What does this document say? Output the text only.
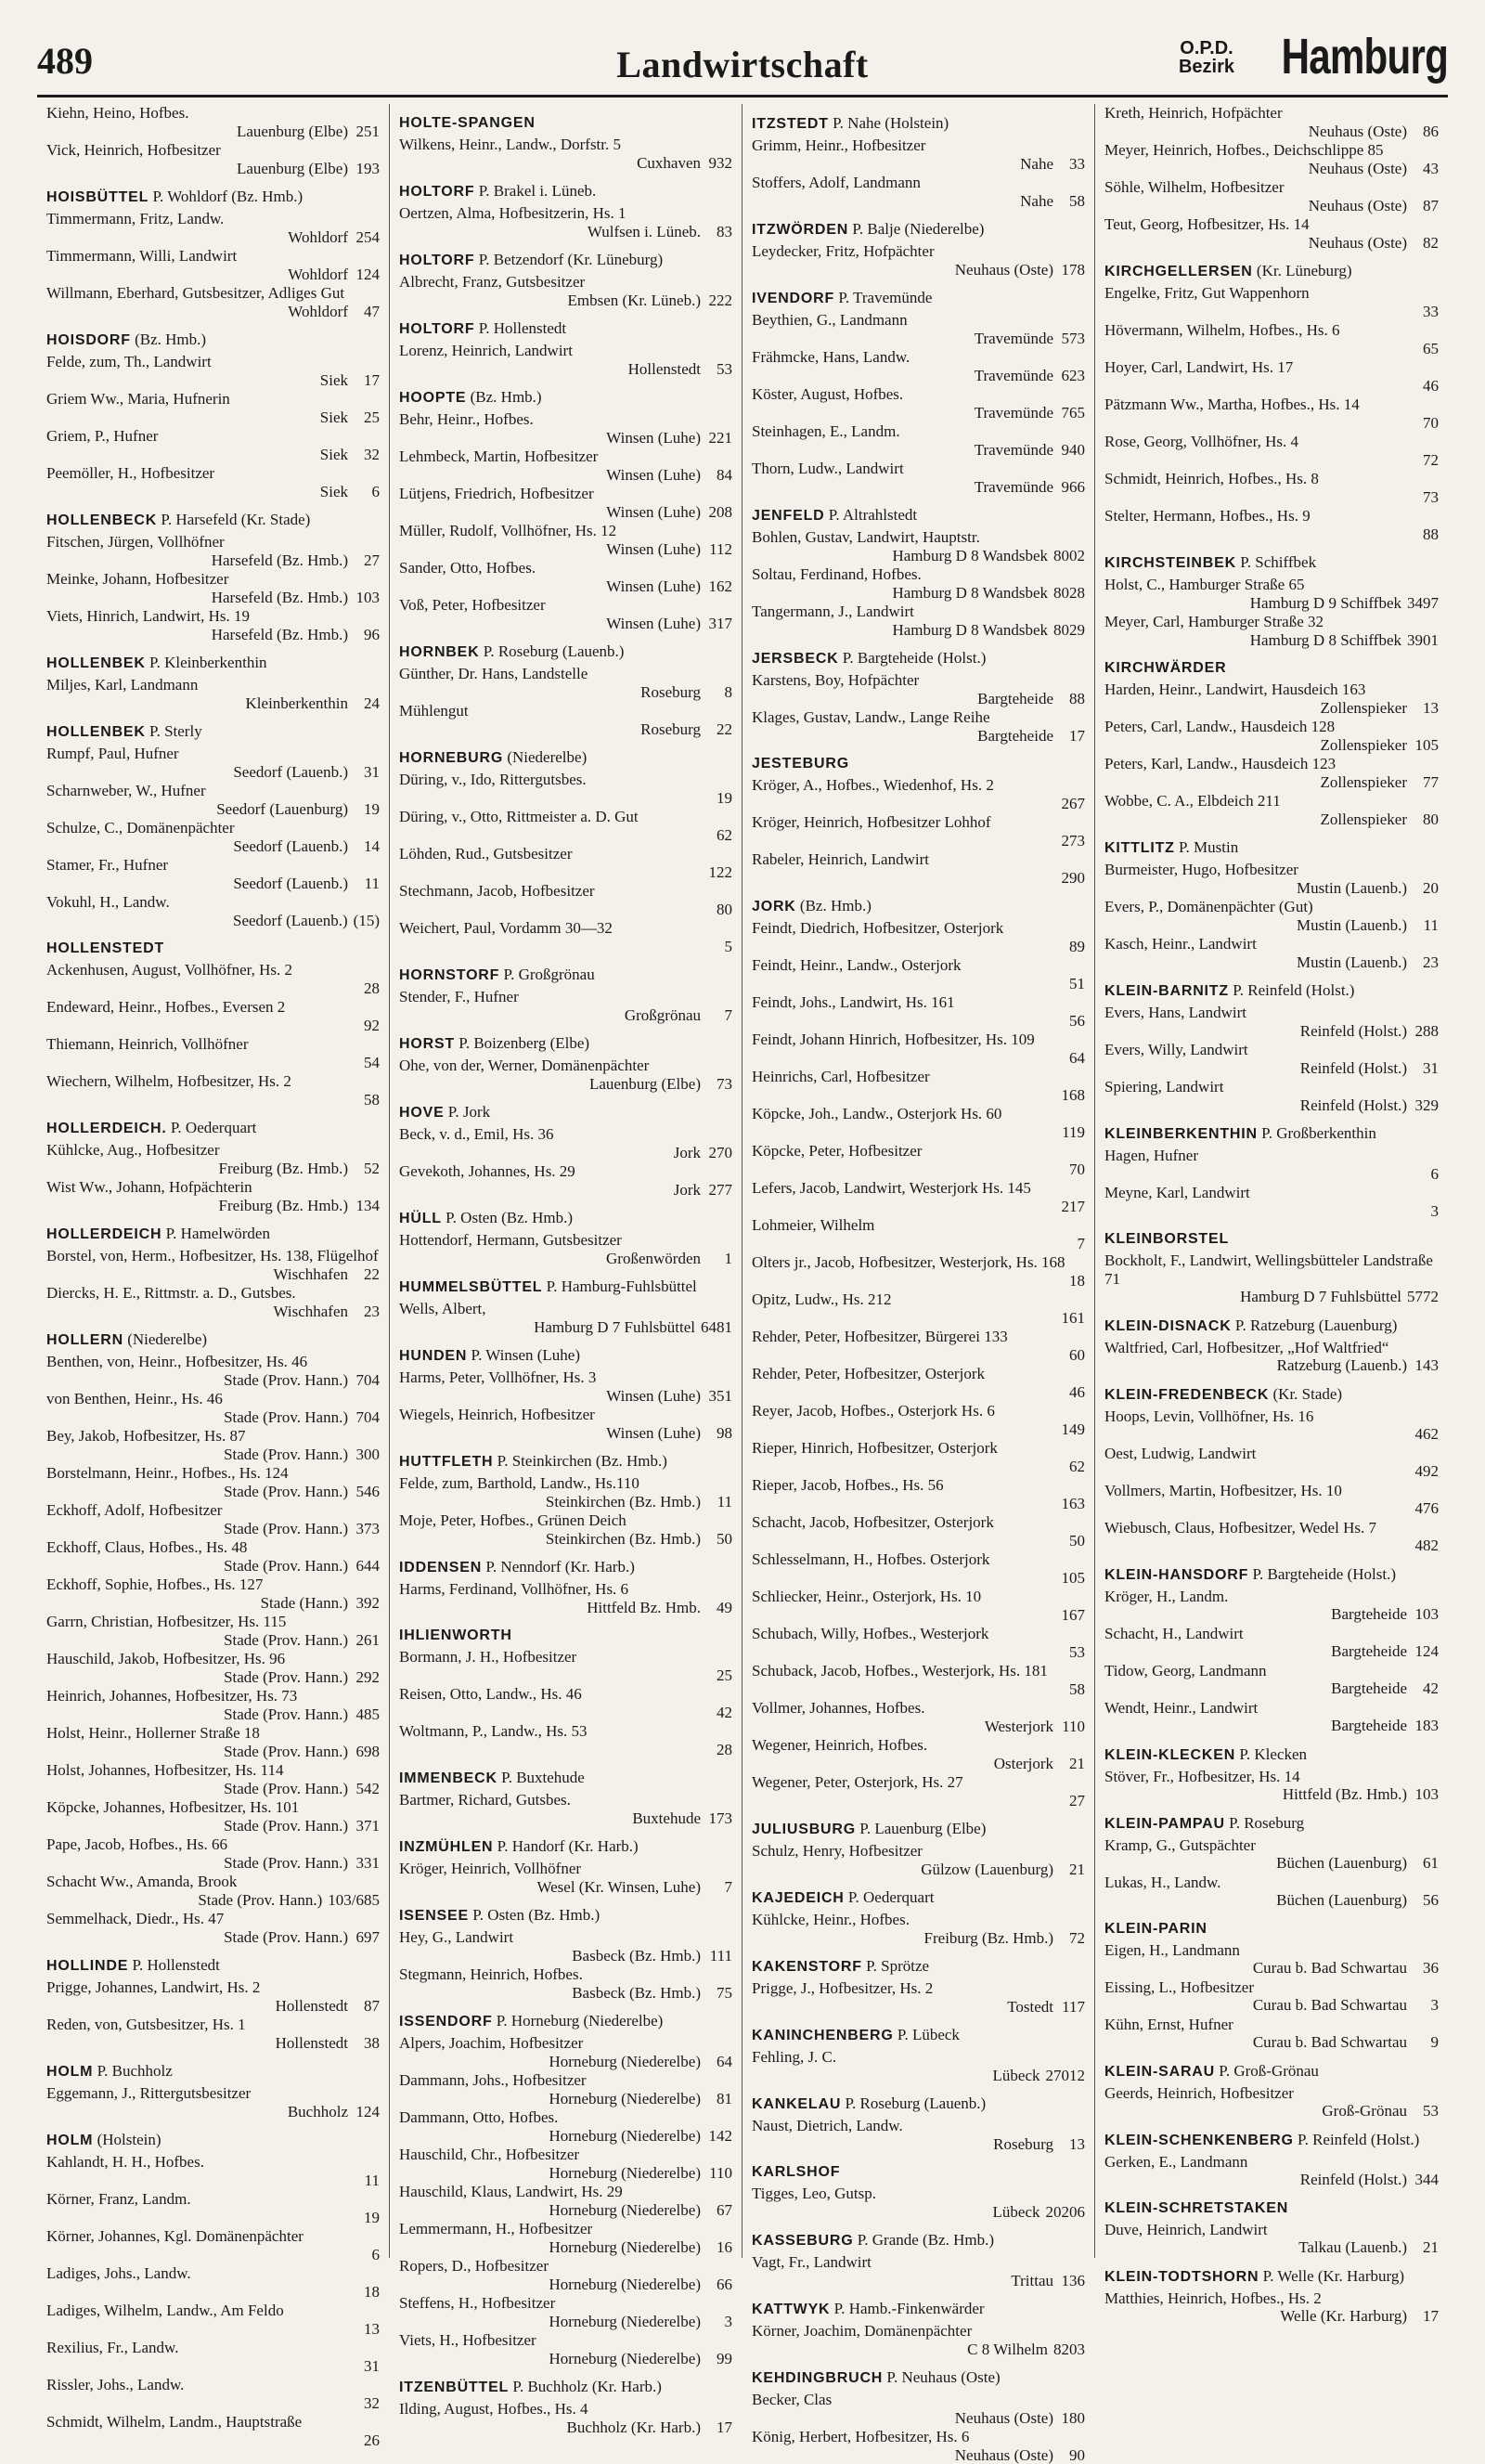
489	Landwirtschaft	O.P.D.
Bezirk Hamburg
Kiehn, Heino, Hofbes.
Lauenburg (Elbe) 251
Vick, Heinrich, Hofbesitzer
Lauenburg (Elbe) 193
HOISBÜTTEL P. Wohldorf (Bz. Hmb.)
Timmermann, Fritz, Landw.
Wohldorf 254
Timmermann, Willi, Landwirt
Wohldorf 124
Willmann, Eberhard, Gutsbesitzer, Adliges Gut
Wohldorf	47
HOISDORF (Bz. Hmb.)
Felde, zum, Th., Landwirt
Siek	17
Griem Ww., Maria, Hufnerin
Siek	25
Griem, P., Hufner
Siek	32
Peemöller, H., Hofbesitzer
Siek	6
HOLLENBECK P. Harsefeld (Kr. Stade)
Fitschen, Jürgen, Vollhöfner
Harsefeld (Bz. Hmb.)	27
Meinke, Johann, Hofbesitzer
Harsefeld (Bz. Hmb.) 103
Viets, Hinrich, Landwirt, Hs. 19
Harsefeld (Bz. Hmb.)	96
HOLLENBEK P. Kleinberkenthin
Miljes, Karl, Landmann
Kleinberkenthin	24
HOLLENBEK P. Sterly
Rumpf, Paul, Hufner
Seedorf (Lauenb.)	31
Scharnweber, W., Hufner
Seedorf (Lauenburg)	19
Schulze, C., Domänenpächter
Seedorf (Lauenb.)	14
Stamer, Fr., Hufner
Seedorf (Lauenb.)	11
Vokuhl, H., Landw.
Seedorf (Lauenb.) (15)
HOLLENSTEDT
Ackenhusen, August, Vollhöfner, Hs. 2
28
Endeward, Heinr., Hofbes., Eversen 2
92
Thiemann, Heinrich, Vollhöfner
54
Wiechern, Wilhelm, Hofbesitzer, Hs. 2
58
HOLLERDEICH. P. Oederquart
Kühlcke, Aug., Hofbesitzer
Freiburg (Bz. Hmb.)	52
Wist Ww., Johann, Hofpächterin
Freiburg (Bz. Hmb.) 134
HOLLERDEICH P. Hamelwörden
Borstel, von, Herm., Hofbesitzer, Hs. 138, Flügelhof
Wischhafen	22
Diercks, H. E., Rittmstr. a. D., Gutsbes.
Wischhafen	23
HOLLERN (Niederelbe)
Benthen, von, Heinr., Hofbesitzer, Hs. 46
Stade (Prov. Hann.) 704
von Benthen, Heinr., Hs. 46
Stade (Prov. Hann.) 704
Bey, Jakob, Hofbesitzer, Hs. 87
Stade (Prov. Hann.) 300
Borstelmann, Heinr., Hofbes., Hs. 124
Stade (Prov. Hann.) 546
Eckhoff, Adolf, Hofbesitzer
Stade (Prov. Hann.) 373
Eckhoff, Claus, Hofbes., Hs. 48
Stade (Prov. Hann.) 644
Eckhoff, Sophie, Hofbes., Hs. 127
Stade (Hann.) 392
Garrn, Christian, Hofbesitzer, Hs. 115
Stade (Prov. Hann.) 261
Hauschild, Jakob, Hofbesitzer, Hs. 96
Stade (Prov. Hann.) 292
Heinrich, Johannes, Hofbesitzer, Hs. 73
Stade (Prov. Hann.) 485
Holst, Heinr., Hollerner Straße 18
Stade (Prov. Hann.) 698
Holst, Johannes, Hofbesitzer, Hs. 114
Stade (Prov. Hann.) 542
Köpcke, Johannes, Hofbesitzer, Hs. 101
Stade (Prov. Hann.) 371
Pape, Jacob, Hofbes., Hs. 66
Stade (Prov. Hann.) 331
Schacht Ww., Amanda, Brook
Stade (Prov. Hann.) 103/685
Semmelhack, Diedr., Hs. 47
Stade (Prov. Hann.) 697
HOLLINDE P. Hollenstedt
Prigge, Johannes, Landwirt, Hs. 2
Hollenstedt	87
Reden, von, Gutsbesitzer, Hs. 1
Hollenstedt	38
HOLM P. Buchholz
Eggemann, J., Rittergutsbesitzer
Buchholz 124
HOLM (Holstein)
Kahlandt, H. H., Hofbes.
11
Körner, Franz, Landm.
19
Körner, Johannes, Kgl. Domänenpächter
6
Ladiges, Johs., Landw.
18
Ladiges, Wilhelm, Landw., Am Feldo
13
Rexilius, Fr., Landw.
31
Rissler, Johs., Landw.
32
Schmidt, Wilhelm, Landm., Hauptstraße
26
HOLTE-SPANGEN
Wilkens, Heinr., Landw., Dorfstr. 5
Cuxhaven 932
HOLTORF P. Brakel i. Lüneb.
Oertzen, Alma, Hofbesitzerin, Hs. 1
Wulfsen i. Lüneb.	83
HOLTORF P. Betzendorf (Kr. Lüneburg)
Albrecht, Franz, Gutsbesitzer
Embsen (Kr. Lüneb.) 222
HOLTORF P. Hollenstedt
Lorenz, Heinrich, Landwirt
Hollenstedt	53
HOOPTE (Bz. Hmb.)
Behr, Heinr., Hofbes.
Winsen (Luhe) 221
Lehmbeck, Martin, Hofbesitzer
Winsen (Luhe)	84
Lütjens, Friedrich, Hofbesitzer
Winsen (Luhe) 208
Müller, Rudolf, Vollhöfner, Hs. 12
Winsen (Luhe) 112
Sander, Otto, Hofbes.
Winsen (Luhe) 162
Voß, Peter, Hofbesitzer
Winsen (Luhe) 317
HORNBEK P. Roseburg (Lauenb.)
Günther, Dr. Hans, Landstelle
Roseburg	8
Mühlengut
Roseburg	22
HORNEBURG (Niederelbe)
Düring, v., Ido, Rittergutsbes.
19
Düring, v., Otto, Rittmeister a. D. Gut
62
Löhden, Rud., Gutsbesitzer
122
Stechmann, Jacob, Hofbesitzer
80
Weichert, Paul, Vordamm 30—32
5
HORNSTORF P. Großgrönau
Stender, F., Hufner
Großgrönau	7
HORST P. Boizenberg (Elbe)
Ohe, von der, Werner, Domänenpächter
Lauenburg (Elbe)	73
HOVE P. Jork
Beck, v. d., Emil, Hs. 36
Jork 270
Gevekoth, Johannes, Hs. 29
Jork 277
HÜLL P. Osten (Bz. Hmb.)
Hottendorf, Hermann, Gutsbesitzer
Großenwörden	1
HUMMELSBÜTTEL P. Hamburg-Fuhlsbüttel
Wells, Albert,
Hamburg D 7 Fuhlsbüttel 6481
HUNDEN P. Winsen (Luhe)
Harms, Peter, Vollhöfner, Hs. 3
Winsen (Luhe) 351
Wiegels, Heinrich, Hofbesitzer
Winsen (Luhe)	98
HUTTFLETH P. Steinkirchen (Bz. Hmb.)
Felde, zum, Barthold, Landw., Hs.110
Steinkirchen (Bz. Hmb.)	11
Moje, Peter, Hofbes., Grünen Deich
Steinkirchen (Bz. Hmb.)	50
IDDENSEN P. Nenndorf (Kr. Harb.)
Harms, Ferdinand, Vollhöfner, Hs. 6
Hittfeld Bz. Hmb.	49
IHLIENWORTH
Bormann, J. H., Hofbesitzer
25
Reisen, Otto, Landw., Hs. 46
42
Woltmann, P., Landw., Hs. 53
28
IMMENBECK P. Buxtehude
Bartmer, Richard, Gutsbes.
Buxtehude 173
INZMÜHLEN P. Handorf (Kr. Harb.)
Kröger, Heinrich, Vollhöfner
Wesel (Kr. Winsen, Luhe)	7
ISENSEE P. Osten (Bz. Hmb.)
Hey, G., Landwirt
Basbeck (Bz. Hmb.) 111
Stegmann, Heinrich, Hofbes.
Basbeck (Bz. Hmb.)	75
ISSENDORF P. Horneburg (Niederelbe)
Alpers, Joachim, Hofbesitzer
Horneburg (Niederelbe)	64
Dammann, Johs., Hofbesitzer
Horneburg (Niederelbe)	81
Dammann, Otto, Hofbes.
Horneburg (Niederelbe) 142
Hauschild, Chr., Hofbesitzer
Horneburg (Niederelbe) 110
Hauschild, Klaus, Landwirt, Hs. 29
Horneburg (Niederelbe)	67
Lemmermann, H., Hofbesitzer
Horneburg (Niederelbe)	16
Ropers, D., Hofbesitzer
Horneburg (Niederelbe)	66
Steffens, H., Hofbesitzer
Horneburg (Niederelbe)	3
Viets, H., Hofbesitzer
Horneburg (Niederelbe)	99
ITZENBÜTTEL P. Buchholz (Kr. Harb.)
Ilding, August, Hofbes., Hs. 4
Buchholz (Kr. Harb.)	17
ITZSTEDT P. Nahe (Holstein)
Grimm, Heinr., Hofbesitzer
Nahe	33
Stoffers, Adolf, Landmann
Nahe	58
ITZWÖRDEN P. Balje (Niederelbe)
Leydecker, Fritz, Hofpächter
Neuhaus (Oste) 178
IVENDORF P. Travemünde
Beythien, G., Landmann
Travemünde 573
Frähmcke, Hans, Landw.
Travemünde 623
Köster, August, Hofbes.
Travemünde 765
Steinhagen, E., Landm.
Travemünde 940
Thorn, Ludw., Landwirt
Travemünde 966
JENFELD P. Altrahlstedt
Bohlen, Gustav, Landwirt, Hauptstr.
Hamburg D 8 Wandsbek 8002
Soltau, Ferdinand, Hofbes.
Hamburg D 8 Wandsbek 8028
Tangermann, J., Landwirt
Hamburg D 8 Wandsbek 8029
JERSBECK P. Bargteheide (Holst.)
Karstens, Boy, Hofpächter
Bargteheide	88
Klages, Gustav, Landw., Lange Reihe
Bargteheide	17
JESTEBURG
Kröger, A., Hofbes., Wiedenhof, Hs. 2
267
Kröger, Heinrich, Hofbesitzer Lohhof
273
Rabeler, Heinrich, Landwirt
290
JORK (Bz. Hmb.)
Feindt, Diedrich, Hofbesitzer, Osterjork
89
Feindt, Heinr., Landw., Osterjork
51
Feindt, Johs., Landwirt, Hs. 161
56
Feindt, Johann Hinrich, Hofbesitzer, Hs. 109
64
Heinrichs, Carl, Hofbesitzer
168
Köpcke, Joh., Landw., Osterjork Hs. 60
119
Köpcke, Peter, Hofbesitzer
70
Lefers, Jacob, Landwirt, Westerjork Hs. 145
217
Lohmeier, Wilhelm
7
Olters jr., Jacob, Hofbesitzer, Westerjork, Hs. 168
18
Opitz, Ludw., Hs. 212
161
Rehder, Peter, Hofbesitzer, Bürgerei 133
60
Rehder, Peter, Hofbesitzer, Osterjork
46
Reyer, Jacob, Hofbes., Osterjork Hs. 6
149
Rieper, Hinrich, Hofbesitzer, Osterjork
62
Rieper, Jacob, Hofbes., Hs. 56
163
Schacht, Jacob, Hofbesitzer, Osterjork
50
Schlesselmann, H., Hofbes. Osterjork
105
Schliecker, Heinr., Osterjork, Hs. 10
167
Schubach, Willy, Hofbes., Westerjork
53
Schuback, Jacob, Hofbes., Westerjork, Hs. 181
58
Vollmer, Johannes, Hofbes.
Westerjork 110
Wegener, Heinrich, Hofbes.
Osterjork	21
Wegener, Peter, Osterjork, Hs. 27
27
JULIUSBURG P. Lauenburg (Elbe)
Schulz, Henry, Hofbesitzer
Gülzow (Lauenburg)	21
KAJEDEICH P. Oederquart
Kühlcke, Heinr., Hofbes.
Freiburg (Bz. Hmb.)	72
KAKENSTORF P. Sprötze
Prigge, J., Hofbesitzer, Hs. 2
Tostedt 117
KANINCHENBERG P. Lübeck
Fehling, J. C.
Lübeck 27012
KANKELAU P. Roseburg (Lauenb.)
Naust, Dietrich, Landw.
Roseburg	13
KARLSHOF
Tigges, Leo, Gutsp.
Lübeck 20206
KASSEBURG P. Grande (Bz. Hmb.)
Vagt, Fr., Landwirt
Trittau 136
KATTWYK P. Hamb.-Finkenwärder
Körner, Joachim, Domänenpächter
C 8 Wilhelm 8203
KEHDINGBRUCH P. Neuhaus (Oste)
Becker, Clas
Neuhaus (Oste) 180
König, Herbert, Hofbesitzer, Hs. 6
Neuhaus (Oste)	90
Kreth, Heinrich, Hofpächter
Neuhaus (Oste)	86
Meyer, Heinrich, Hofbes., Deichschlippe 85
Neuhaus (Oste)	43
Söhle, Wilhelm, Hofbesitzer
Neuhaus (Oste)	87
Teut, Georg, Hofbesitzer, Hs. 14
Neuhaus (Oste)	82
KIRCHGELLERSEN (Kr. Lüneburg)
Engelke, Fritz, Gut Wappenhorn
33
Hövermann, Wilhelm, Hofbes., Hs. 6
65
Hoyer, Carl, Landwirt, Hs. 17
46
Pätzmann Ww., Martha, Hofbes., Hs. 14
70
Rose, Georg, Vollhöfner, Hs. 4
72
Schmidt, Heinrich, Hofbes., Hs. 8
73
Stelter, Hermann, Hofbes., Hs. 9
88
KIRCHSTEINBEK P. Schiffbek
Holst, C., Hamburger Straße 65
Hamburg D 9 Schiffbek 3497
Meyer, Carl, Hamburger Straße 32
Hamburg D 8 Schiffbek 3901
KIRCHWÄRDER
Harden, Heinr., Landwirt, Hausdeich 163
Zollenspieker	13
Peters, Carl, Landw., Hausdeich 128
Zollenspieker 105
Peters, Karl, Landw., Hausdeich 123
Zollenspieker	77
Wobbe, C. A., Elbdeich 211
Zollenspieker	80
KITTLITZ P. Mustin
Burmeister, Hugo, Hofbesitzer
Mustin (Lauenb.)	20
Evers, P., Domänenpächter (Gut)
Mustin (Lauenb.)	11
Kasch, Heinr., Landwirt
Mustin (Lauenb.)	23
KLEIN-BARNITZ P. Reinfeld (Holst.)
Evers, Hans, Landwirt
Reinfeld (Holst.) 288
Evers, Willy, Landwirt
Reinfeld (Holst.)	31
Spiering, Landwirt
Reinfeld (Holst.) 329
KLEINBERKENTHIN P. Großberkenthin
Hagen, Hufner
6
Meyne, Karl, Landwirt
3
KLEINBORSTEL
Bockholt, F., Landwirt, Wellingsbütteler Landstraße 71
Hamburg D 7 Fuhlsbüttel 5772
KLEIN-DISNACK P. Ratzeburg (Lauenburg)
Waltfried, Carl, Hofbesitzer, „Hof Waltfried“
Ratzeburg (Lauenb.) 143
KLEIN-FREDENBECK (Kr. Stade)
Hoops, Levin, Vollhöfner, Hs. 16
462
Oest, Ludwig, Landwirt
492
Vollmers, Martin, Hofbesitzer, Hs. 10
476
Wiebusch, Claus, Hofbesitzer, Wedel Hs. 7
482
KLEIN-HANSDORF P. Bargteheide (Holst.)
Kröger, H., Landm.
Bargteheide 103
Schacht, H., Landwirt
Bargteheide 124
Tidow, Georg, Landmann
Bargteheide	42
Wendt, Heinr., Landwirt
Bargteheide 183
KLEIN-KLECKEN P. Klecken
Stöver, Fr., Hofbesitzer, Hs. 14
Hittfeld (Bz. Hmb.) 103
KLEIN-PAMPAU P. Roseburg
Kramp, G., Gutspächter
Büchen (Lauenburg)	61
Lukas, H., Landw.
Büchen (Lauenburg)	56
KLEIN-PARIN
Eigen, H., Landmann
Curau b. Bad Schwartau	36
Eissing, L., Hofbesitzer
Curau b. Bad Schwartau	3
Kühn, Ernst, Hufner
Curau b. Bad Schwartau	9
KLEIN-SARAU P. Groß-Grönau
Geerds, Heinrich, Hofbesitzer
Groß-Grönau	53
KLEIN-SCHENKENBERG P. Reinfeld (Holst.)
Gerken, E., Landmann
Reinfeld (Holst.) 344
KLEIN-SCHRETSTAKEN
Duve, Heinrich, Landwirt
Talkau (Lauenb.)	21
KLEIN-TODTSHORN P. Welle (Kr. Harburg)
Matthies, Heinrich, Hofbes., Hs. 2
Welle (Kr. Harburg)	17
